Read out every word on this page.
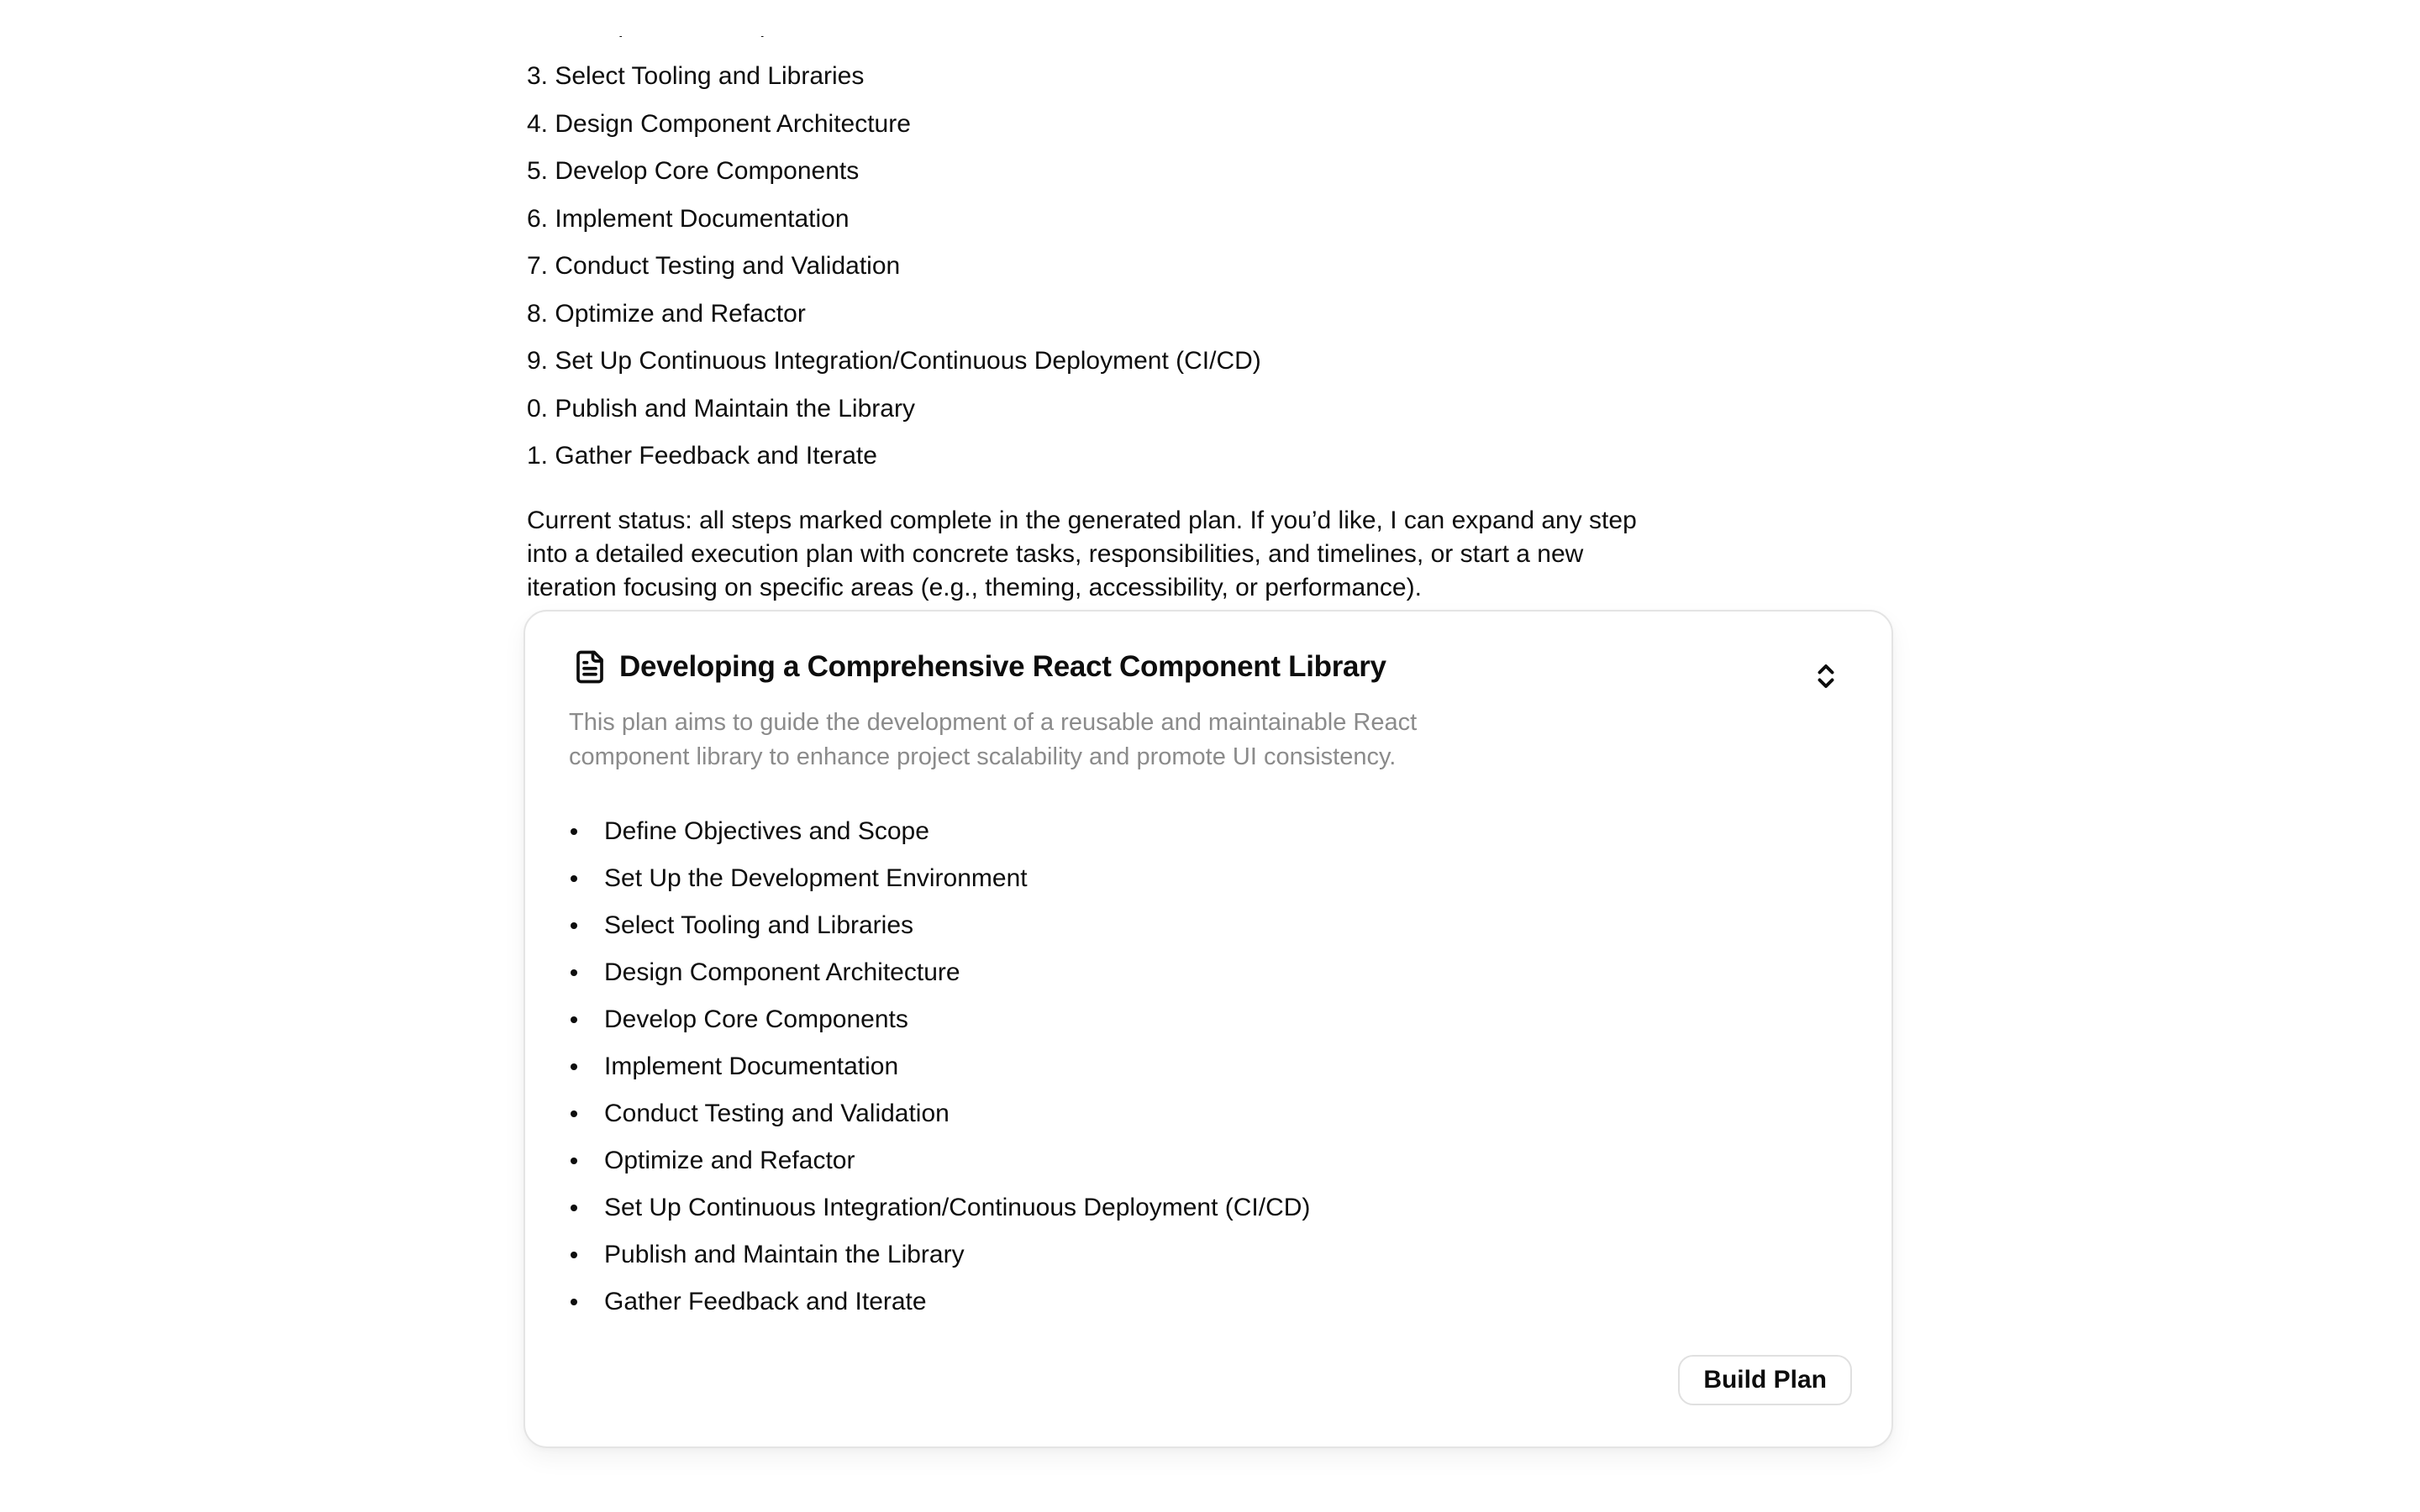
3. Select Tooling and Libraries

4. Design Component Architecture

5. Develop Core Components

6. Implement Documentation

7. Conduct Testing and Validation

8. Optimize and Refactor

9. Set Up Continuous Integration/Continuous Deployment (CI/CD)

0. Publish and Maintain the Library

1. Gather Feedback and Iterate

Current status: all steps marked complete in the generated plan. If you’d like, I can expand any step
into a detailed execution plan with concrete tasks, responsibilities, and timelines, or start a new
iteration focusing on specific areas (e.g., theming, accessibility, or performance).
Developing a Comprehensive React Component Library
This plan aims to guide the development of a reusable and maintainable React
component library to enhance project scalability and promote UI consistency.
Define Objectives and Scope
Set Up the Development Environment
Select Tooling and Libraries
Design Component Architecture
Develop Core Components
Implement Documentation
Conduct Testing and Validation
Optimize and Refactor
Set Up Continuous Integration/Continuous Deployment (CI/CD)
Publish and Maintain the Library
Gather Feedback and Iterate
Build Plan
